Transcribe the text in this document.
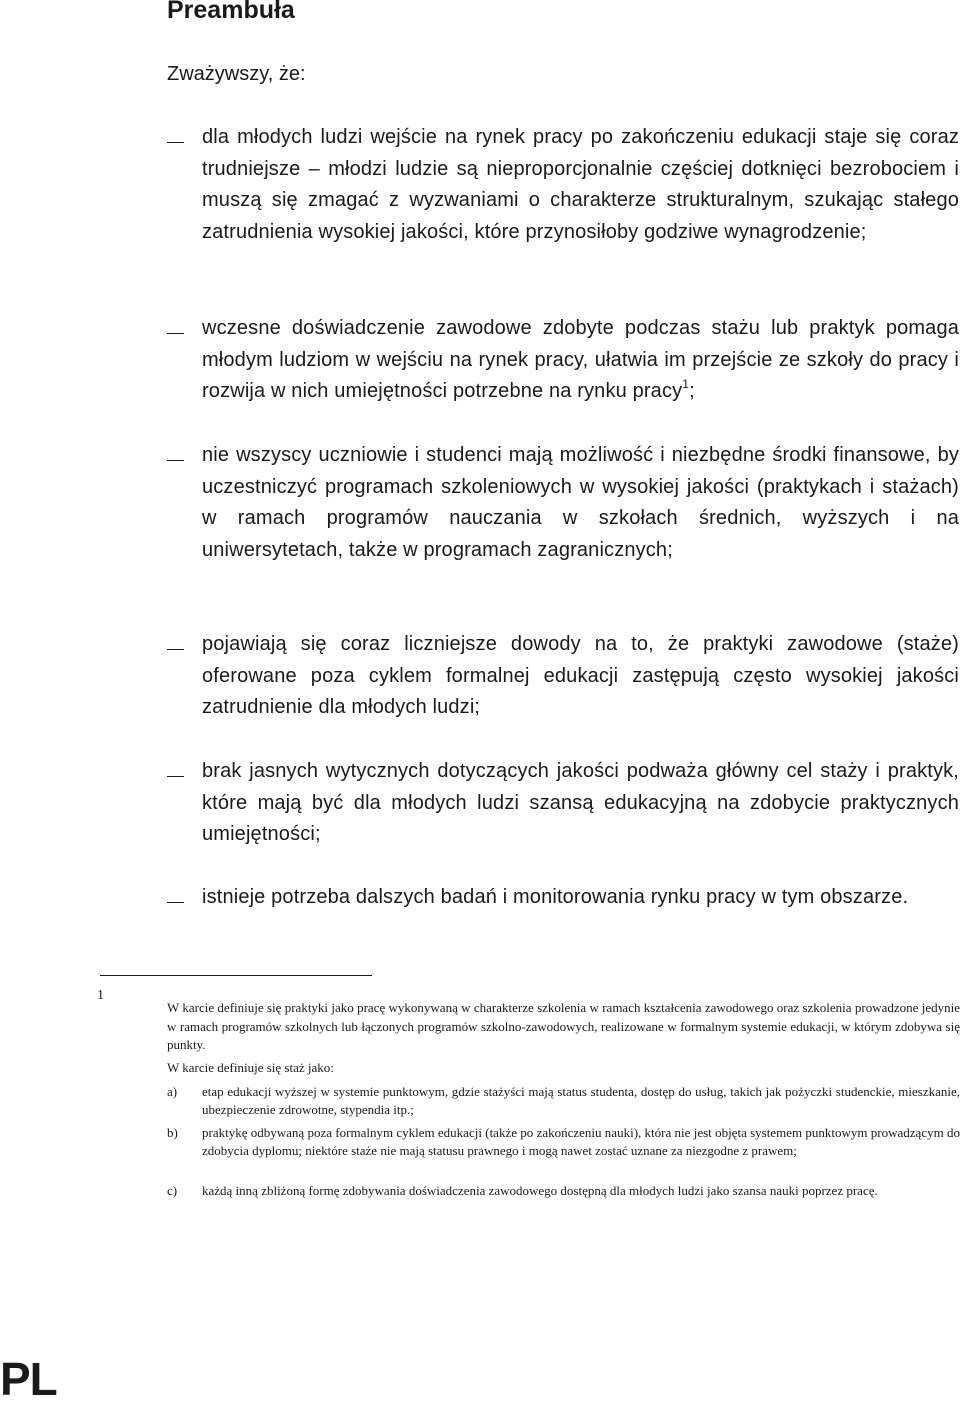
Preambuła
Zważywszy, że:
dla młodych ludzi wejście na rynek pracy po zakończeniu edukacji staje się coraz trudniejsze – młodzi ludzie są nieproporcjonalnie częściej dotknięci bezrobociem i muszą się zmagać z wyzwaniami o charakterze strukturalnym, szukając stałego zatrudnienia wysokiej jakości, które przynosiłoby godziwe wynagrodzenie;
wczesne doświadczenie zawodowe zdobyte podczas stażu lub praktyk pomaga młodym ludziom w wejściu na rynek pracy, ułatwia im przejście ze szkoły do pracy i rozwija w nich umiejętności potrzebne na rynku pracy$^1$;
nie wszyscy uczniowie i studenci mają możliwość i niezbędne środki finansowe, by uczestniczyć programach szkoleniowych w wysokiej jakości (praktykach i stażach) w ramach programów nauczania w szkołach średnich, wyższych i na uniwersytetach, także w programach zagranicznych;
pojawiają się coraz liczniejsze dowody na to, że praktyki zawodowe (staże) oferowane poza cyklem formalnej edukacji zastępują często wysokiej jakości zatrudnienie dla młodych ludzi;
brak jasnych wytycznych dotyczących jakości podważa główny cel staży i praktyk, które mają być dla młodych ludzi szansą edukacyjną na zdobycie praktycznych umiejętności;
istnieje potrzeba dalszych badań i monitorowania rynku pracy w tym obszarze.
1
W karcie definiuje się praktyki jako pracę wykonywaną w charakterze szkolenia w ramach kształcenia zawodowego oraz szkolenia prowadzone jedynie w ramach programów szkolnych lub łączonych programów szkolno-zawodowych, realizowane w formalnym systemie edukacji, w którym zdobywa się punkty.
W karcie definiuje się staż jako:
a) etap edukacji wyższej w systemie punktowym, gdzie stażyści mają status studenta, dostęp do usług, takich jak pożyczki studenckie, mieszkanie, ubezpieczenie zdrowotne, stypendia itp.;
b) praktykę odbywaną poza formalnym cyklem edukacji (także po zakończeniu nauki), która nie jest objęta systemem punktowym prowadzącym do zdobycia dyplomu; niektóre staże nie mają statusu prawnego i mogą nawet zostać uznane za niezgodne z prawem;
c) każdą inną zbliżoną formę zdobywania doświadczenia zawodowego dostępną dla młodych ludzi jako szansa nauki poprzez pracę.
PL
